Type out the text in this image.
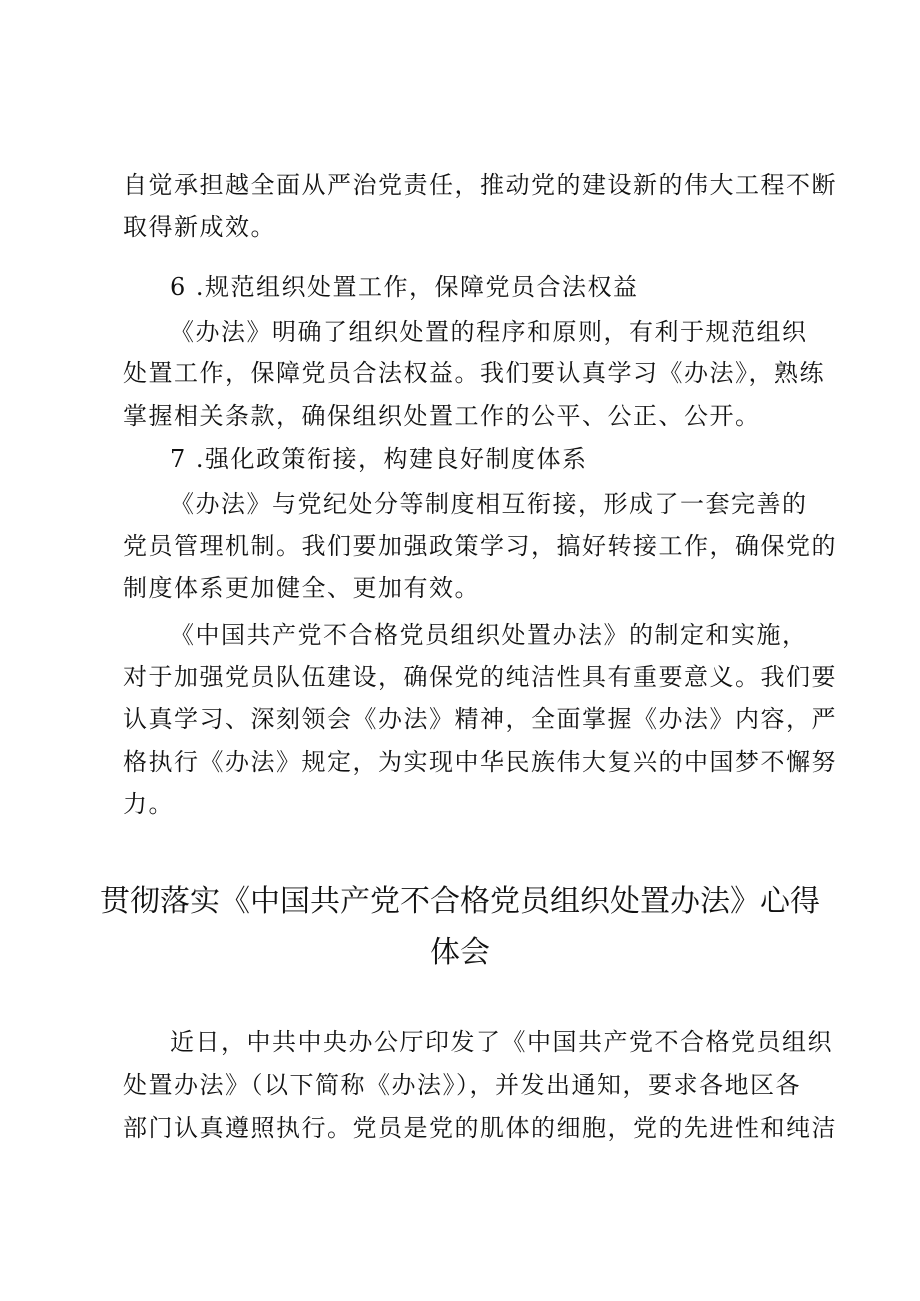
自觉承担越全面从严治党责任，推动党的建设新的伟大工程不断
取得新成效。
6 .规范组织处置工作，保障党员合法权益
《办法》明确了组织处置的程序和原则，有利于规范组织
处置工作，保障党员合法权益。我们要认真学习《办法》，熟练
掌握相关条款，确保组织处置工作的公平、公正、公开。
7 .强化政策衔接，构建良好制度体系
《办法》与党纪处分等制度相互衔接，形成了一套完善的
党员管理机制。我们要加强政策学习，搞好转接工作，确保党的
制度体系更加健全、更加有效。
《中国共产党不合格党员组织处置办法》的制定和实施，
对于加强党员队伍建设，确保党的纯洁性具有重要意义。我们要
认真学习、深刻领会《办法》精神，全面掌握《办法》内容，严
格执行《办法》规定，为实现中华民族伟大复兴的中国梦不懈努
力。
贯彻落实《中国共产党不合格党员组织处置办法》心得
体会
近日，中共中央办公厅印发了《中国共产党不合格党员组织
处置办法》（以下简称《办法》），并发出通知，要求各地区各
部门认真遵照执行。党员是党的肌体的细胞，党的先进性和纯洁
